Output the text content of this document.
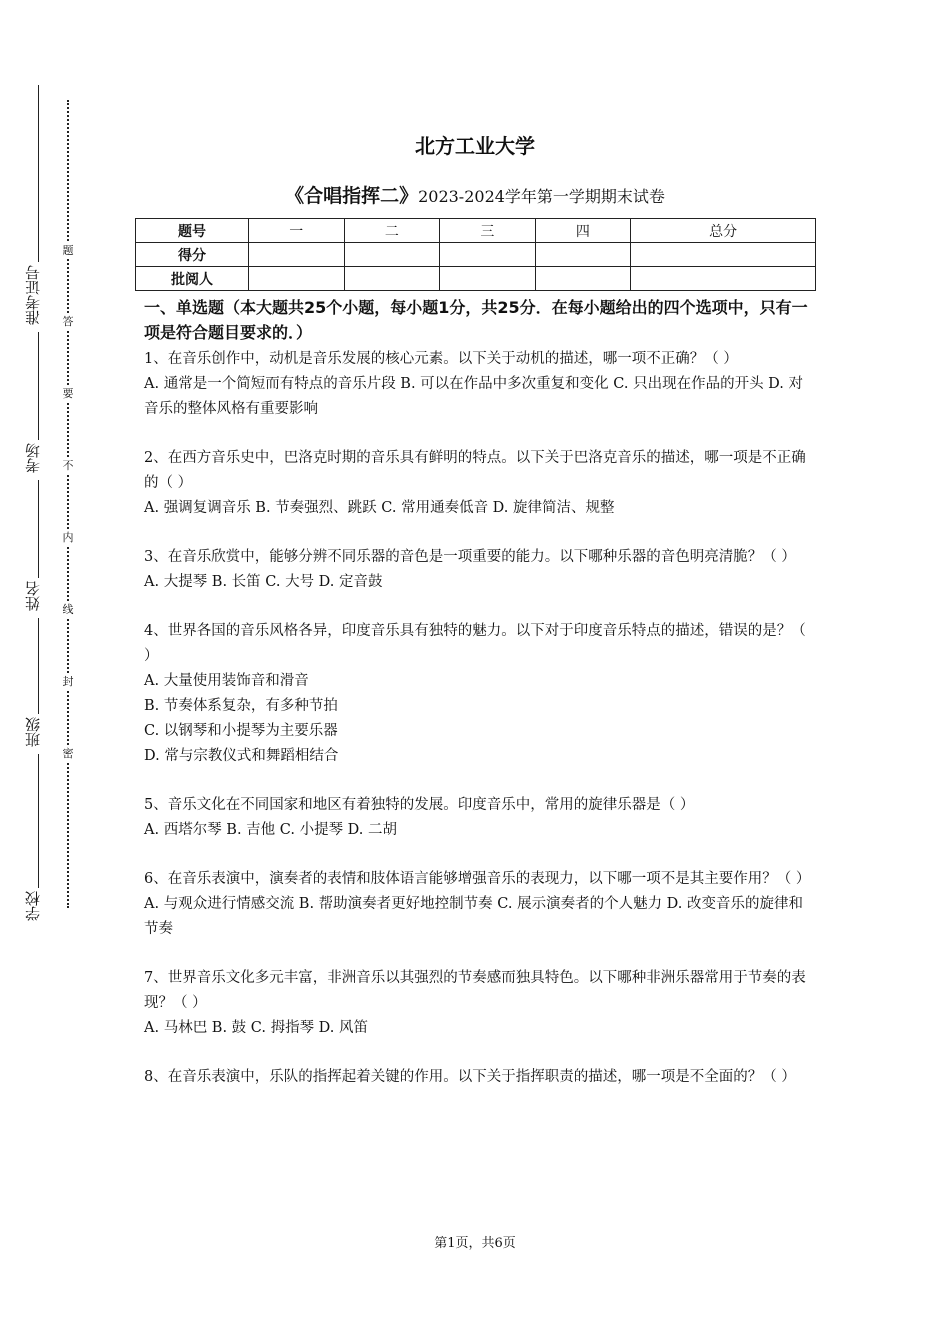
准考证号
考场
姓名
班级
学校
题
答
要
不
内
线
封
密
北方工业大学
《合唱指挥二》2023-2024学年第一学期期末试卷
题号	一	二	三	四	总分
得分					
批阅人					

一、单选题（本大题共25个小题，每小题1分，共25分．在每小题给出的四个选项中，只有一项是符合题目要求的．）

1、在音乐创作中，动机是音乐发展的核心元素。以下关于动机的描述，哪一项不正确？（ ）

A. 通常是一个简短而有特点的音乐片段 B. 可以在作品中多次重复和变化 C. 只出现在作品的开头 D. 对音乐的整体风格有重要影响

2、在西方音乐史中，巴洛克时期的音乐具有鲜明的特点。以下关于巴洛克音乐的描述，哪一项是不正确的（ ）

A. 强调复调音乐 B. 节奏强烈、跳跃 C. 常用通奏低音 D. 旋律简洁、规整

3、在音乐欣赏中，能够分辨不同乐器的音色是一项重要的能力。以下哪种乐器的音色明亮清脆？（ ）

A. 大提琴 B. 长笛 C. 大号 D. 定音鼓

4、世界各国的音乐风格各异，印度音乐具有独特的魅力。以下对于印度音乐特点的描述，错误的是？（ ）

A. 大量使用装饰音和滑音

B. 节奏体系复杂，有多种节拍

C. 以钢琴和小提琴为主要乐器

D. 常与宗教仪式和舞蹈相结合

5、音乐文化在不同国家和地区有着独特的发展。印度音乐中，常用的旋律乐器是（ ）

A. 西塔尔琴 B. 吉他 C. 小提琴 D. 二胡

6、在音乐表演中，演奏者的表情和肢体语言能够增强音乐的表现力，以下哪一项不是其主要作用？（ ）

A. 与观众进行情感交流 B. 帮助演奏者更好地控制节奏 C. 展示演奏者的个人魅力 D. 改变音乐的旋律和节奏

7、世界音乐文化多元丰富，非洲音乐以其强烈的节奏感而独具特色。以下哪种非洲乐器常用于节奏的表现？（ ）

A. 马林巴 B. 鼓 C. 拇指琴 D. 风笛

8、在音乐表演中，乐队的指挥起着关键的作用。以下关于指挥职责的描述，哪一项是不全面的？（ ）

第1页，共6页
